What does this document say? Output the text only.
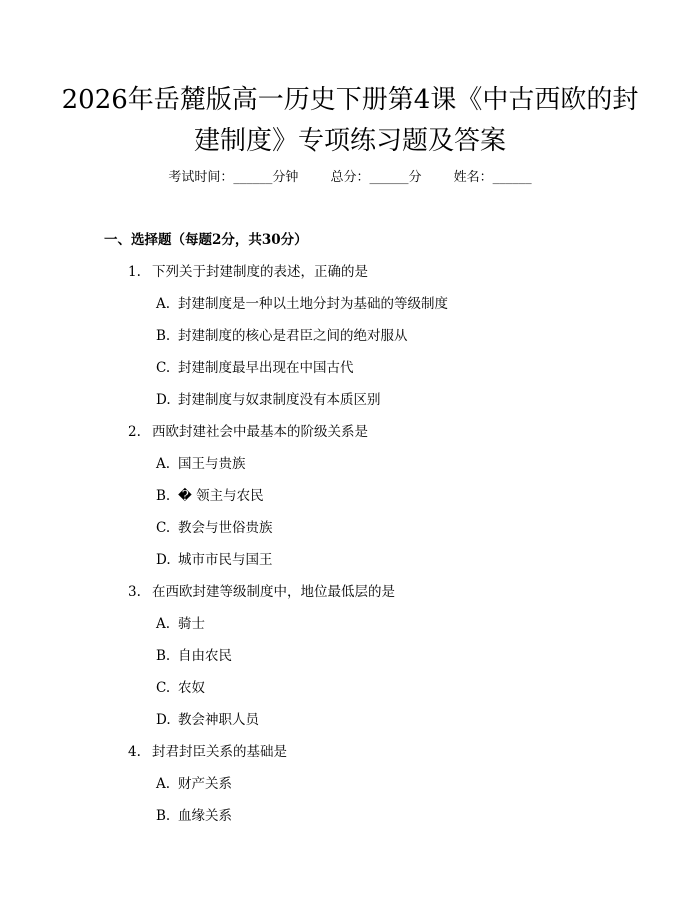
2026年岳麓版高一历史下册第4课《中古西欧的封建制度》专项练习题及答案
考试时间：______分钟 总分：______分 姓名：______
一、选择题（每题2分，共30分）
1. 下列关于封建制度的表述，正确的是
A. 封建制度是一种以土地分封为基础的等级制度
B. 封建制度的核心是君臣之间的绝对服从
C. 封建制度最早出现在中国古代
D. 封建制度与奴隶制度没有本质区别
2. 西欧封建社会中最基本的阶级关系是
A. 国王与贵族
B. � 领主与农民
C. 教会与世俗贵族
D. 城市市民与国王
3. 在西欧封建等级制度中，地位最低层的是
A. 骑士
B. 自由农民
C. 农奴
D. 教会神职人员
4. 封君封臣关系的基础是
A. 财产关系
B. 血缘关系
